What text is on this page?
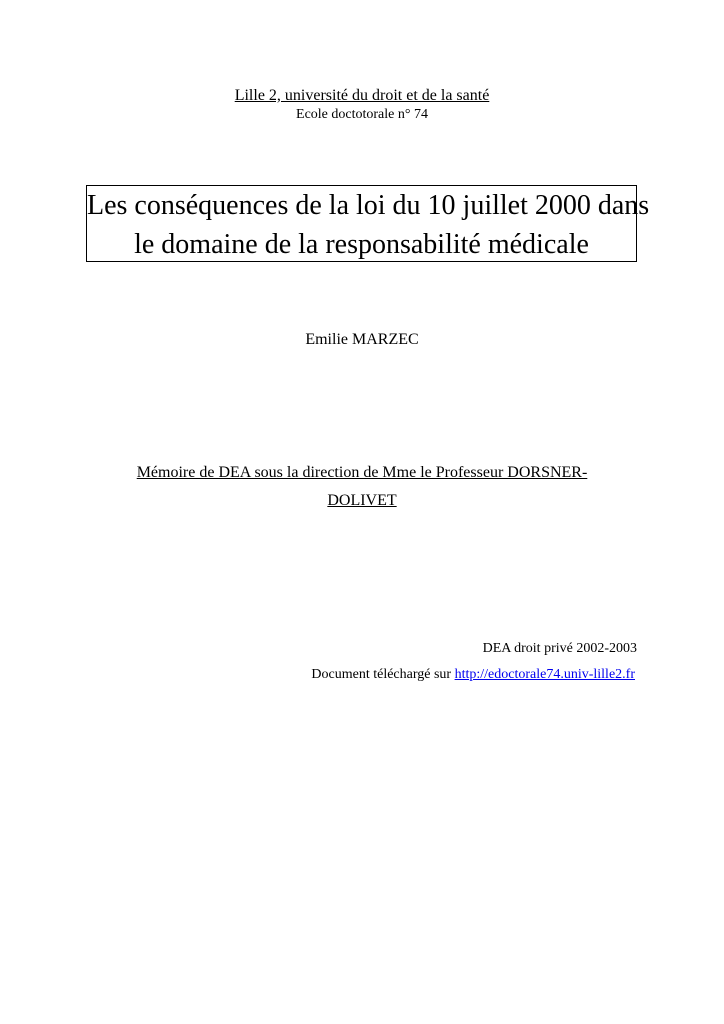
Lille 2, université du droit et de la santé
Ecole doctotorale n° 74
Les conséquences de la loi du 10 juillet 2000 dans
le domaine de la responsabilité médicale
Emilie MARZEC
Mémoire de DEA sous la direction de Mme le Professeur DORSNER-
DOLIVET
DEA droit privé 2002-2003
Document téléchargé sur http://edoctorale74.univ-lille2.fr
